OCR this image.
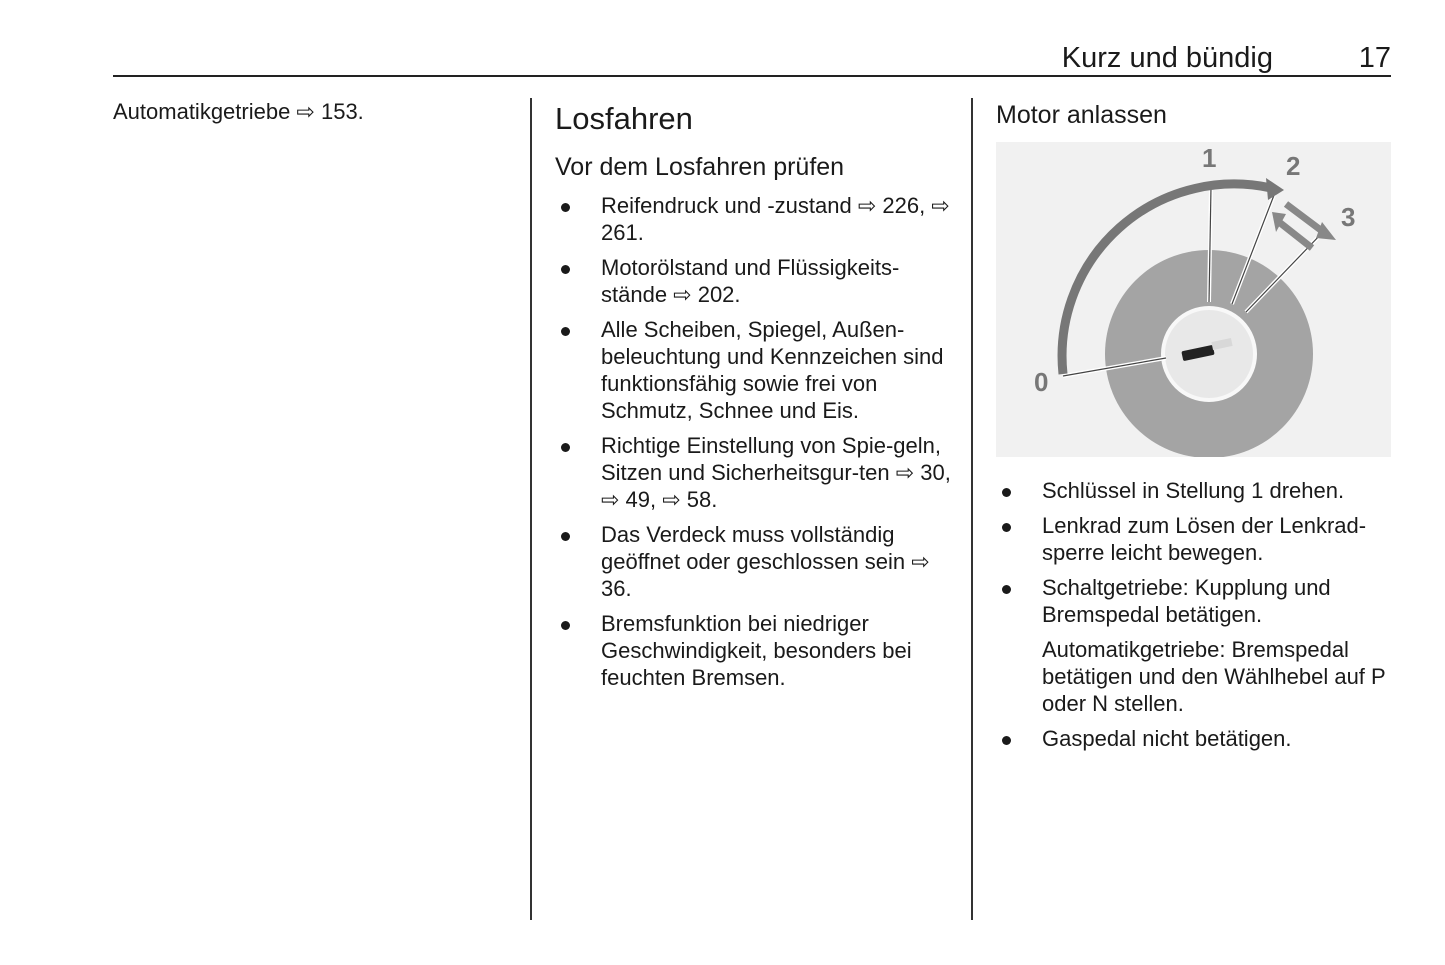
Kurz und bündig	17
Automatikgetriebe ⇨ 153.	Losfahren
Vor dem Losfahren prüfen
Reifendruck und -zustand ⇨ 226, ⇨ 261.
Motorölstand und Flüssigkeits-stände ⇨ 202.
Alle Scheiben, Spiegel, Außen-beleuchtung und Kennzeichen sind funktionsfähig sowie frei von Schmutz, Schnee und Eis.
Richtige Einstellung von Spie-geln, Sitzen und Sicherheitsgur-ten ⇨ 30, ⇨ 49, ⇨ 58.
Das Verdeck muss vollständig geöffnet oder geschlossen sein ⇨ 36.
Bremsfunktion bei niedriger Geschwindigkeit, besonders bei feuchten Bremsen.
Motor anlassen
0
1	2
3
Schlüssel in Stellung 1 drehen.
Lenkrad zum Lösen der Lenkrad-sperre leicht bewegen.
Schaltgetriebe: Kupplung und Bremspedal betätigen.
Automatikgetriebe: Bremspedal betätigen und den Wählhebel auf P oder N stellen.
Gaspedal nicht betätigen.
